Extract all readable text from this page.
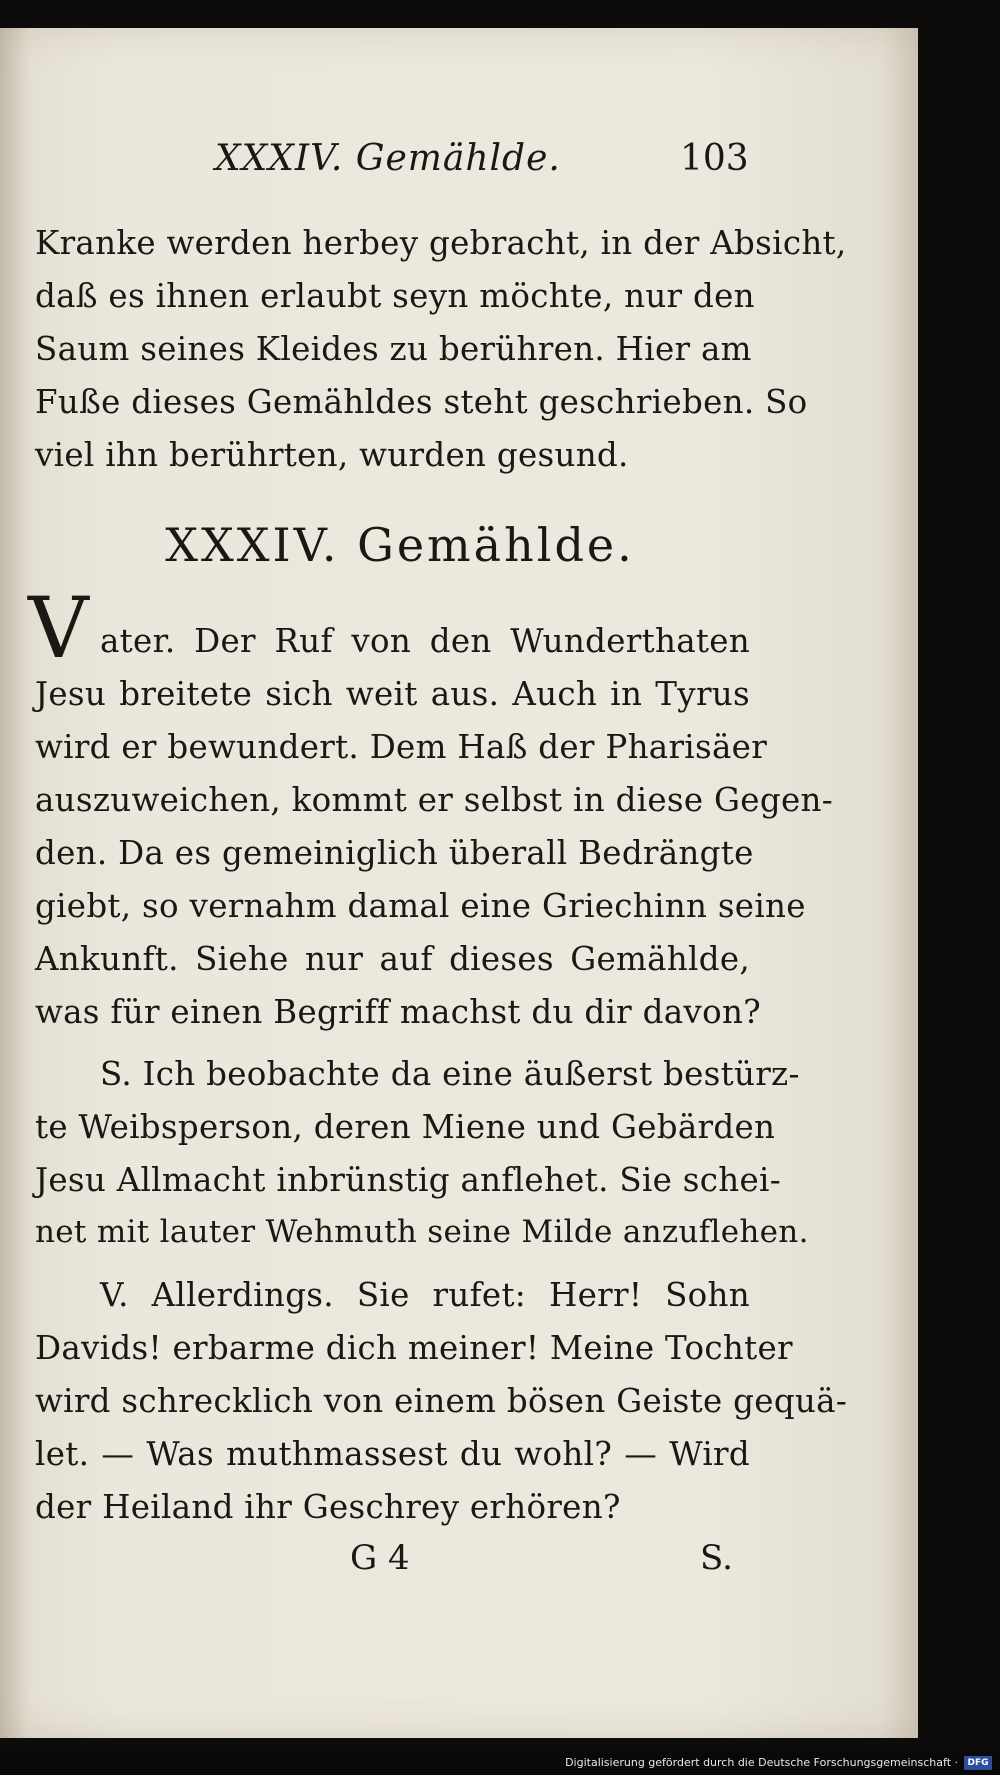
XXXIV. Gemählde.	103
Kranke werden herbey gebracht, in der Absicht,
daß es ihnen erlaubt seyn möchte, nur den
Saum seines Kleides zu berühren. Hier am
Fuße dieses Gemähldes steht geschrieben. So
viel ihn berührten, wurden gesund.
XXXIV. Gemählde.
V ater. Der Ruf von den Wunderthaten
Jesu breitete sich weit aus. Auch in Tyrus
wird er bewundert. Dem Haß der Pharisäer
auszuweichen, kommt er selbst in diese Gegen-
den. Da es gemeiniglich überall Bedrängte
giebt, so vernahm damal eine Griechinn seine
Ankunft. Siehe nur auf dieses Gemählde,
was für einen Begriff machst du dir davon?
S. Ich beobachte da eine äußerst bestürz-
te Weibsperson, deren Miene und Gebärden
Jesu Allmacht inbrünstig anflehet. Sie schei-
net mit lauter Wehmuth seine Milde anzuflehen.
V. Allerdings. Sie rufet: Herr! Sohn
Davids! erbarme dich meiner! Meine Tochter
wird schrecklich von einem bösen Geiste gequä-
let. — Was muthmassest du wohl? — Wird
der Heiland ihr Geschrey erhören?
G 4	S.
Digitalisierung gefördert durch die Deutsche Forschungsgemeinschaft ·	DFG
